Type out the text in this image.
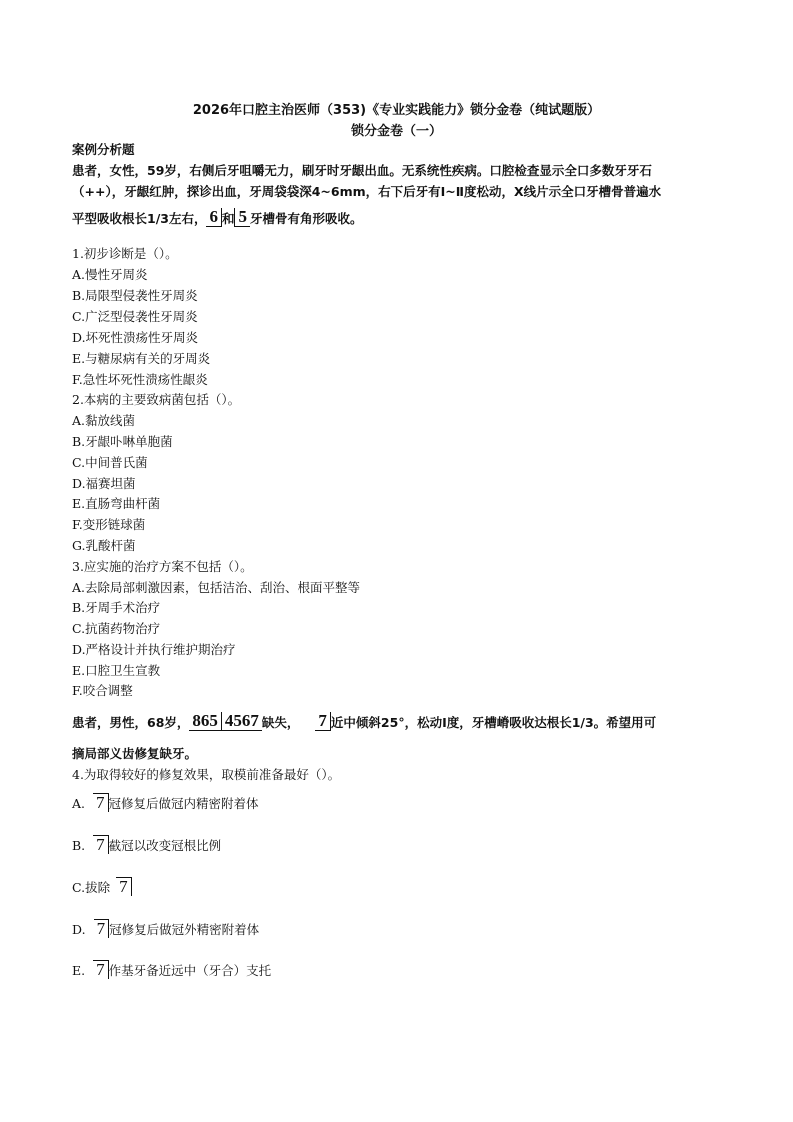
2026年口腔主治医师（353)《专业实践能力》锁分金卷（纯试题版）
锁分金卷（一）
案例分析题
患者，女性，59岁，右侧后牙咀嚼无力，刷牙时牙龈出血。无系统性疾病。口腔检查显示全口多数牙牙石
（++），牙龈红肿，探诊出血，牙周袋袋深4~6mm，右下后牙有Ⅰ~Ⅱ度松动，X线片示全口牙槽骨普遍水
平型吸收根长1/3左右， 6 和 5 牙槽骨有角形吸收。
1.初步诊断是（）。
A.慢性牙周炎
B.局限型侵袭性牙周炎
C.广泛型侵袭性牙周炎
D.坏死性溃疡性牙周炎
E.与糖尿病有关的牙周炎
F.急性坏死性溃疡性龈炎
2.本病的主要致病菌包括（）。
A.黏放线菌
B.牙龈卟啉单胞菌
C.中间普氏菌
D.福赛坦菌
E.直肠弯曲杆菌
F.变形链球菌
G.乳酸杆菌
3.应实施的治疗方案不包括（）。
A.去除局部刺激因素，包括洁治、刮治、根面平整等
B.牙周手术治疗
C.抗菌药物治疗
D.严格设计并执行维护期治疗
E.口腔卫生宣教
F.咬合调整
患者，男性，68岁， 865 4567 缺失， 7 近中倾斜25°，松动Ⅰ度，牙槽嵴吸收达根长1/3。希望用可
摘局部义齿修复缺牙。
4.为取得较好的修复效果，取模前准备最好（）。
A. 7 冠修复后做冠内精密附着体
B. 7 截冠以改变冠根比例
C.拔除 7
D. 7 冠修复后做冠外精密附着体
E. 7 作基牙备近远中（牙合）支托
